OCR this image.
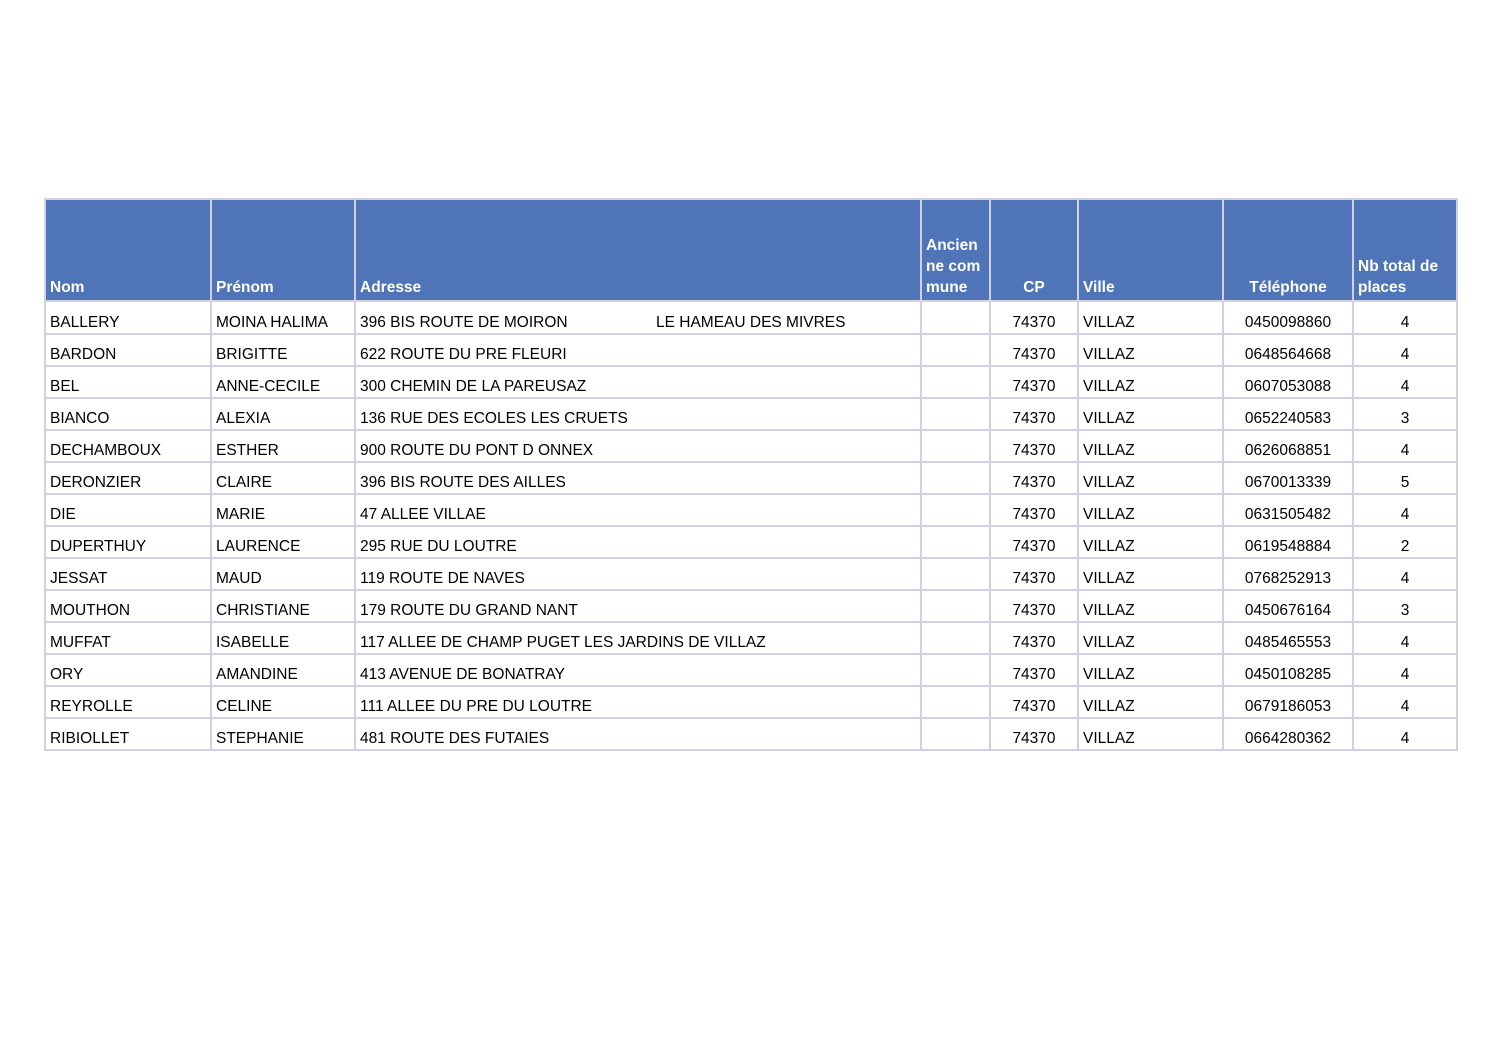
Nom	Prénom	Adresse	Ancienne commune	CP	Ville	Téléphone	Nb total de places
BALLERY	MOINA HALIMA	396 BIS ROUTE DE MOIRON LE HAMEAU DES MIVRES		74370	VILLAZ	0450098860	4
BARDON	BRIGITTE	622 ROUTE DU PRE FLEURI		74370	VILLAZ	0648564668	4
BEL	ANNE-CECILE	300 CHEMIN DE LA PAREUSAZ		74370	VILLAZ	0607053088	4
BIANCO	ALEXIA	136 RUE DES ECOLES LES CRUETS		74370	VILLAZ	0652240583	3
DECHAMBOUX	ESTHER	900 ROUTE DU PONT D ONNEX		74370	VILLAZ	0626068851	4
DERONZIER	CLAIRE	396 BIS ROUTE DES AILLES		74370	VILLAZ	0670013339	5
DIE	MARIE	47 ALLEE VILLAE		74370	VILLAZ	0631505482	4
DUPERTHUY	LAURENCE	295 RUE DU LOUTRE		74370	VILLAZ	0619548884	2
JESSAT	MAUD	119 ROUTE DE NAVES		74370	VILLAZ	0768252913	4
MOUTHON	CHRISTIANE	179 ROUTE DU GRAND NANT		74370	VILLAZ	0450676164	3
MUFFAT	ISABELLE	117 ALLEE DE CHAMP PUGET LES JARDINS DE VILLAZ		74370	VILLAZ	0485465553	4
ORY	AMANDINE	413 AVENUE DE BONATRAY		74370	VILLAZ	0450108285	4
REYROLLE	CELINE	111 ALLEE DU PRE DU LOUTRE		74370	VILLAZ	0679186053	4
RIBIOLLET	STEPHANIE	481 ROUTE DES FUTAIES		74370	VILLAZ	0664280362	4
